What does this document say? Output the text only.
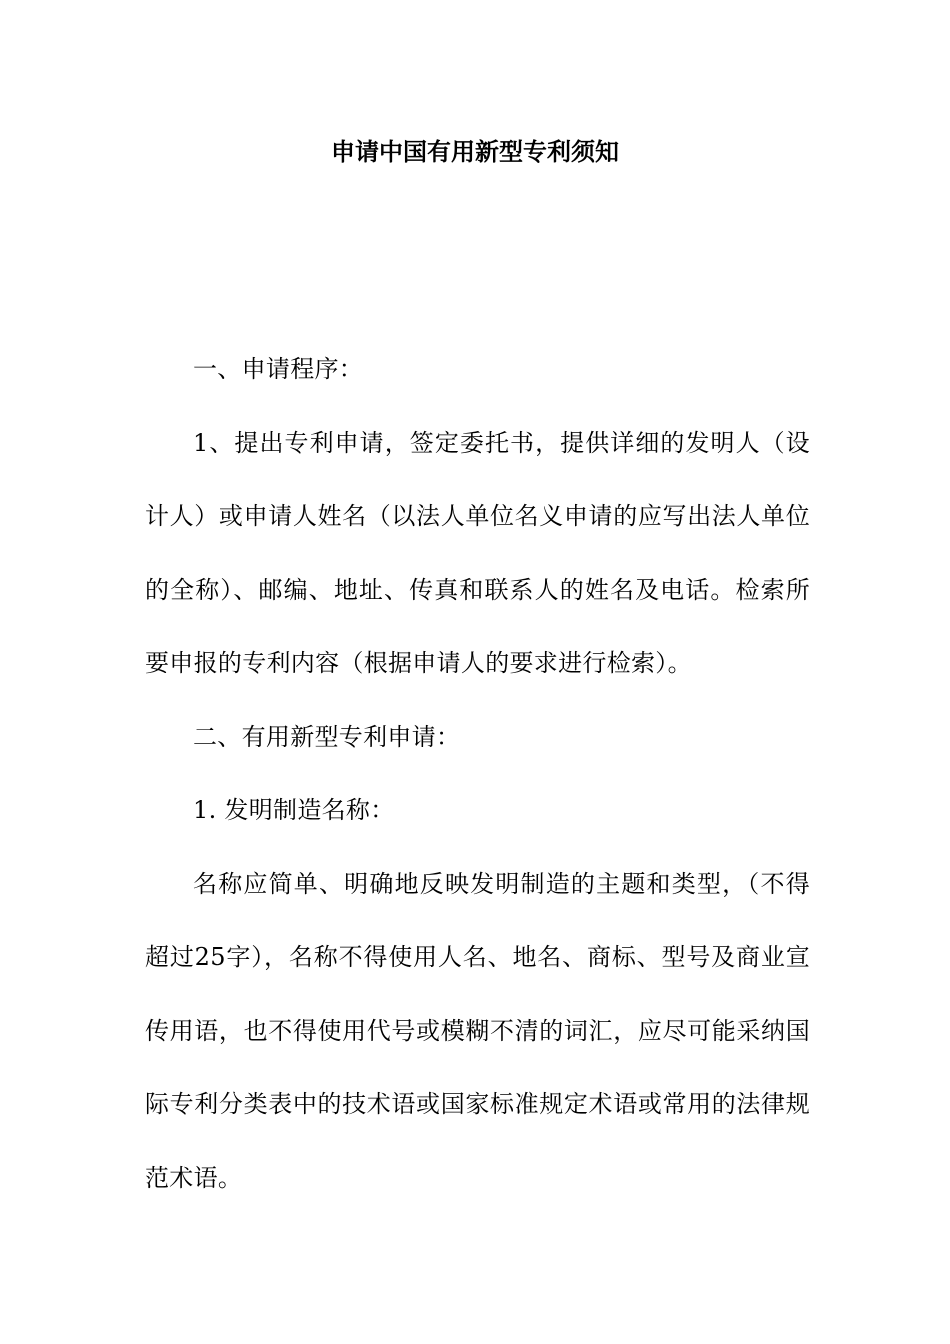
申请中国有用新型专利须知

一、申请程序：

1、提出专利申请，签定委托书，提供详细的发明人（设计人）或申请人姓名（以法人单位名义申请的应写出法人单位的全称）、邮编、地址、传真和联系人的姓名及电话。检索所要申报的专利内容（根据申请人的要求进行检索）。

二、有用新型专利申请：

1. 发明制造名称：

名称应简单、明确地反映发明制造的主题和类型，（不得超过25字），名称不得使用人名、地名、商标、型号及商业宣传用语，也不得使用代号或模糊不清的词汇，应尽可能采纳国际专利分类表中的技术语或国家标准规定术语或常用的法律规范术语。
